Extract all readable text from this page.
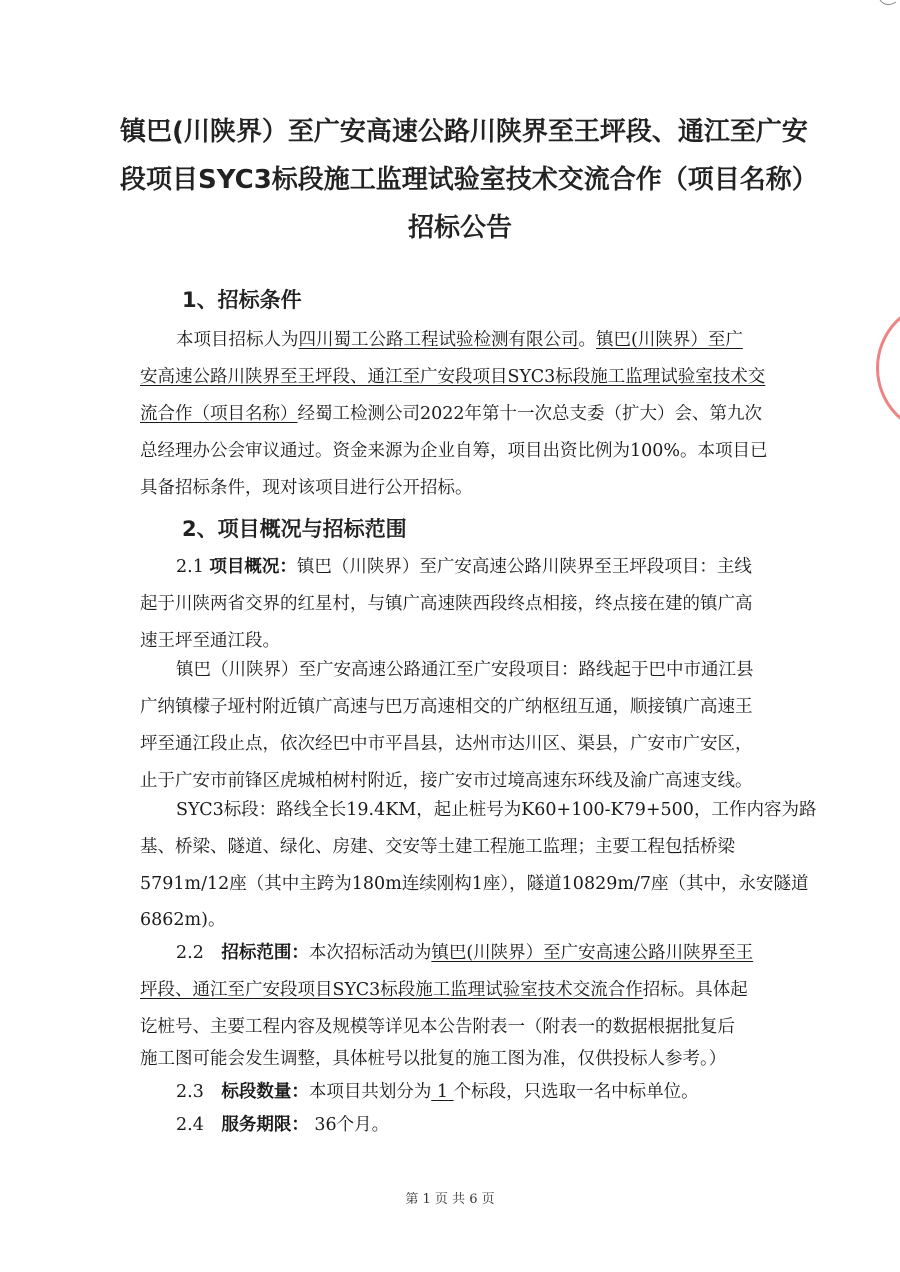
镇巴(川陕界）至广安高速公路川陕界至王坪段、通江至广安
段项目SYC3标段施工监理试验室技术交流合作（项目名称）
招标公告
1、招标条件
本项目招标人为四川蜀工公路工程试验检测有限公司。镇巴(川陕界）至广
安高速公路川陕界至王坪段、通江至广安段项目SYC3标段施工监理试验室技术交
流合作（项目名称）经蜀工检测公司2022年第十一次总支委（扩大）会、第九次
总经理办公会审议通过。资金来源为企业自筹，项目出资比例为100%。本项目已
具备招标条件，现对该项目进行公开招标。
2、项目概况与招标范围
2.1 项目概况：镇巴（川陕界）至广安高速公路川陕界至王坪段项目：主线
起于川陕两省交界的红星村，与镇广高速陕西段终点相接，终点接在建的镇广高
速王坪至通江段。
镇巴（川陕界）至广安高速公路通江至广安段项目：路线起于巴中市通江县
广纳镇檬子垭村附近镇广高速与巴万高速相交的广纳枢纽互通，顺接镇广高速王
坪至通江段止点，依次经巴中市平昌县，达州市达川区、渠县，广安市广安区，
止于广安市前锋区虎城柏树村附近，接广安市过境高速东环线及渝广高速支线。
SYC3标段：路线全长19.4KM，起止桩号为K60+100-K79+500，工作内容为路
基、桥梁、隧道、绿化、房建、交安等土建工程施工监理；主要工程包括桥梁
5791m/12座（其中主跨为180m连续刚构1座），隧道10829m/7座（其中，永安隧道
6862m)。
2.2　招标范围：本次招标活动为镇巴(川陕界）至广安高速公路川陕界至王
坪段、通江至广安段项目SYC3标段施工监理试验室技术交流合作招标。具体起
讫桩号、主要工程内容及规模等详见本公告附表一（附表一的数据根据批复后
施工图可能会发生调整，具体桩号以批复的施工图为准，仅供投标人参考。）
2.3　标段数量：本项目共划分为 1 个标段，只选取一名中标单位。
2.4　服务期限： 36个月。
第 1 页 共 6 页
